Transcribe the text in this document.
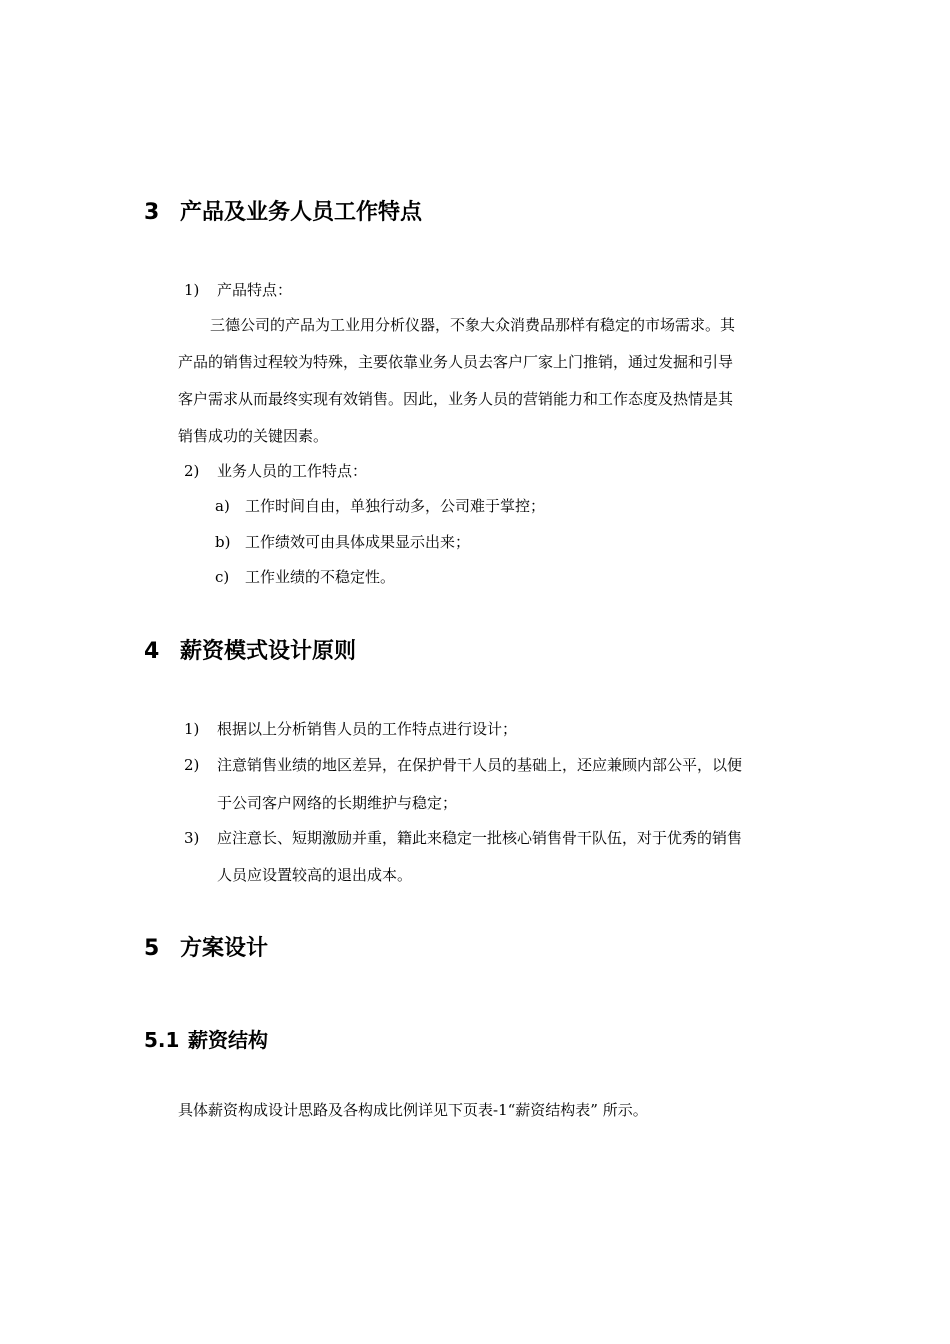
3 产品及业务人员工作特点
1) 产品特点：
三德公司的产品为工业用分析仪器，不象大众消费品那样有稳定的市场需求。其
产品的销售过程较为特殊，主要依靠业务人员去客户厂家上门推销，通过发掘和引导
客户需求从而最终实现有效销售。因此，业务人员的营销能力和工作态度及热情是其
销售成功的关键因素。
2) 业务人员的工作特点：
a) 工作时间自由，单独行动多，公司难于掌控；
b) 工作绩效可由具体成果显示出来；
c) 工作业绩的不稳定性。
4 薪资模式设计原则
1) 根据以上分析销售人员的工作特点进行设计；
2) 注意销售业绩的地区差异，在保护骨干人员的基础上，还应兼顾内部公平，以便
于公司客户网络的长期维护与稳定；
3) 应注意长、短期激励并重，籍此来稳定一批核心销售骨干队伍，对于优秀的销售
人员应设置较高的退出成本。
5 方案设计
5.1 薪资结构
具体薪资构成设计思路及各构成比例详见下页表-1“薪资结构表” 所示。
